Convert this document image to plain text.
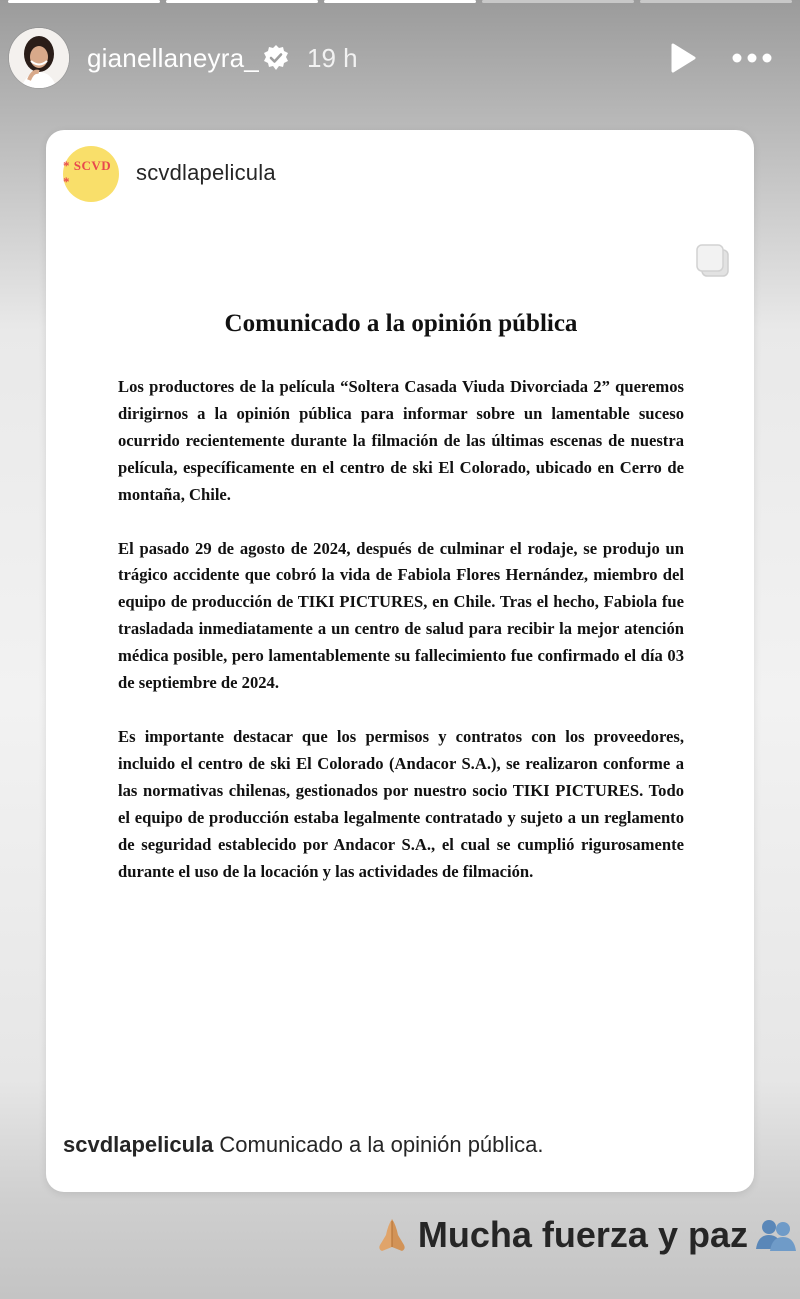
gianellaneyra_ 19 h
* SCVD *	scvdlapelicula
Comunicado a la opinión pública

Los productores de la película “Soltera Casada Viuda Divorciada 2” queremos dirigirnos a la opinión pública para informar sobre un lamentable suceso ocurrido recientemente durante la filmación de las últimas escenas de nuestra película, específicamente en el centro de ski El Colorado, ubicado en Cerro de montaña, Chile.

El pasado 29 de agosto de 2024, después de culminar el rodaje, se produjo un trágico accidente que cobró la vida de Fabiola Flores Hernández, miembro del equipo de producción de TIKI PICTURES, en Chile. Tras el hecho, Fabiola fue trasladada inmediatamente a un centro de salud para recibir la mejor atención médica posible, pero lamentablemente su fallecimiento fue confirmado el día 03 de septiembre de 2024.

Es importante destacar que los permisos y contratos con los proveedores, incluido el centro de ski El Colorado (Andacor S.A.), se realizaron conforme a las normativas chilenas, gestionados por nuestro socio TIKI PICTURES. Todo el equipo de producción estaba legalmente contratado y sujeto a un reglamento de seguridad establecido por Andacor S.A., el cual se cumplió rigurosamente durante el uso de la locación y las actividades de filmación.

scvdlapelicula Comunicado a la opinión pública.
Mucha fuerza y paz
